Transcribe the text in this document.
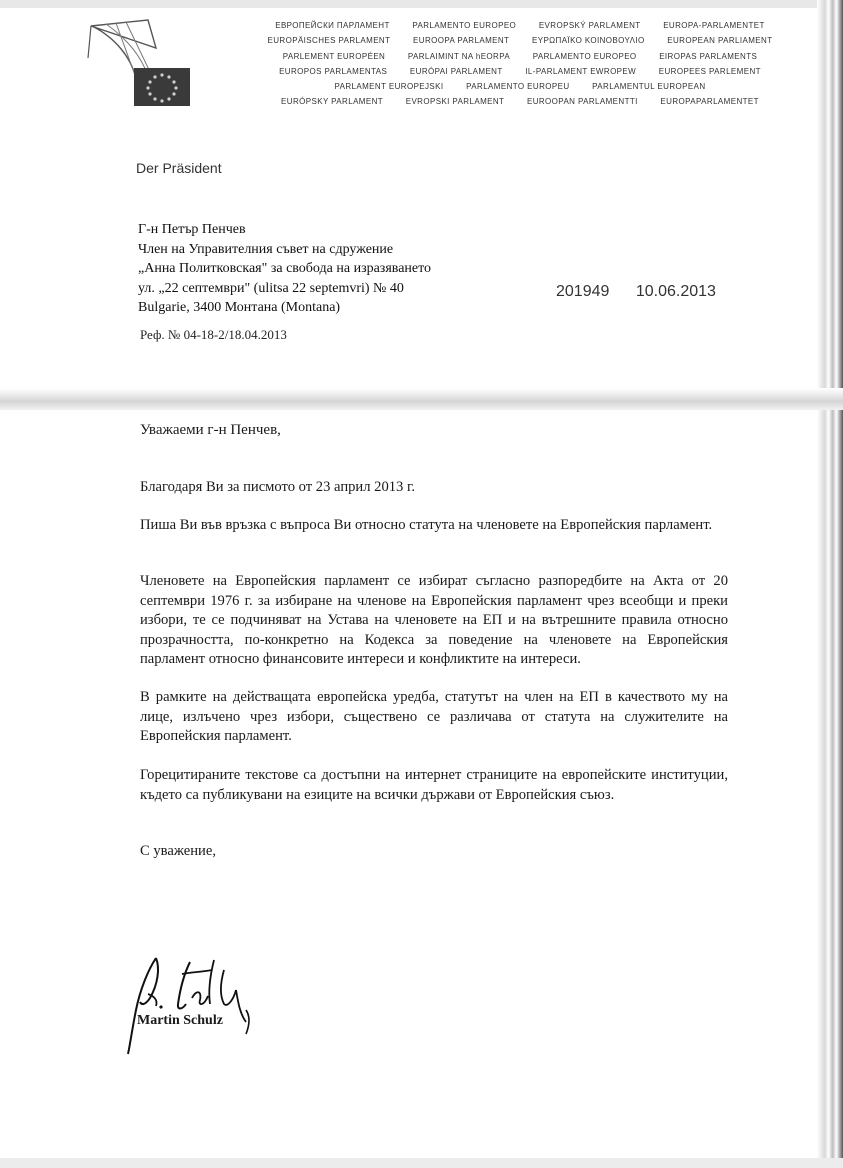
ЕВРОПЕЙСКИ ПАРЛАМЕНТ	PARLAMENTO EUROPEO	EVROPSKÝ PARLAMENT	EUROPA-PARLAMENTET
EUROPÄISCHES PARLAMENT	EUROOPA PARLAMENT	ΕΥΡΩΠΑΪΚΟ ΚΟΙΝΟΒΟΥΛΙΟ	EUROPEAN PARLIAMENT
PARLEMENT EUROPÉEN	PARLAIMINT NA hEORPA	PARLAMENTO EUROPEO	EIROPAS PARLAMENTS
EUROPOS PARLAMENTAS	EURÓPAI PARLAMENT	IL-PARLAMENT EWROPEW	EUROPEES PARLEMENT
PARLAMENT EUROPEJSKI	PARLAMENTO EUROPEU	PARLAMENTUL EUROPEAN
EURÓPSKY PARLAMENT	EVROPSKI PARLAMENT	EUROOPAN PARLAMENTTI	EUROPAPARLAMENTET
Der Präsident
Г-н Петър Пенчев
Член на Управителния съвет на сдружение
„Анна Политковская" за свобода на изразяването
ул. „22 септември" (ulitsa 22 septemvri) № 40
Bulgarie, 3400 Монтана (Montana)
201949 10.06.2013
Реф. № 04-18-2/18.04.2013
Уважаеми г-н Пенчев,
Благодаря Ви за писмото от 23 април 2013 г.
Пиша Ви във връзка с въпроса Ви относно статута на членовете на Европейския парламент.
Членовете на Европейския парламент се избират съгласно разпоредбите на Акта от 20 септември 1976 г. за избиране на членове на Европейския парламент чрез всеобщи и преки избори, те се подчиняват на Устава на членовете на ЕП и на вътрешните правила относно прозрачността, по-конкретно на Кодекса за поведение на членовете на Европейския парламент относно финансовите интереси и конфликтите на интереси.
В рамките на действащата европейска уредба, статутът на член на ЕП в качеството му на лице, излъчено чрез избори, съществено се различава от статута на служителите на Европейския парламент.
Горецитираните текстове са достъпни на интернет страниците на европейските институции, където са публикувани на езиците на всички държави от Европейския съюз.
С уважение,
Martin Schulz
